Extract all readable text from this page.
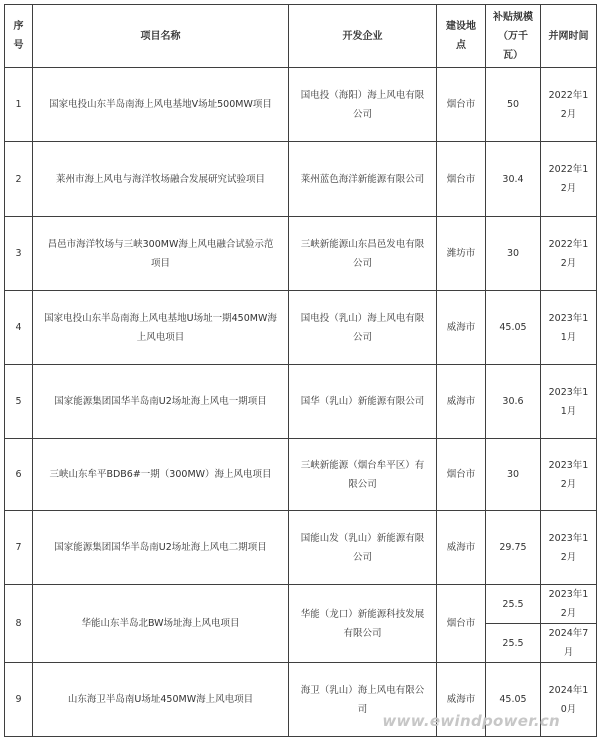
序号	项目名称	开发企业	建设地点	补贴规模（万千瓦）	并网时间
1	国家电投山东半岛南海上风电基地V场址500MW项目	国电投（海阳）海上风电有限公司	烟台市	50	2022年12月
2	莱州市海上风电与海洋牧场融合发展研究试验项目	莱州蓝色海洋新能源有限公司	烟台市	30.4	2022年12月
3	昌邑市海洋牧场与三峡300MW海上风电融合试验示范项目	三峡新能源山东昌邑发电有限公司	潍坊市	30	2022年12月
4	国家电投山东半岛南海上风电基地U场址一期450MW海上风电项目	国电投（乳山）海上风电有限公司	威海市	45.05	2023年11月
5	国家能源集团国华半岛南U2场址海上风电一期项目	国华（乳山）新能源有限公司	威海市	30.6	2023年11月
6	三峡山东牟平BDB6#一期（300MW）海上风电项目	三峡新能源（烟台牟平区）有限公司	烟台市	30	2023年12月
7	国家能源集团国华半岛南U2场址海上风电二期项目	国能山发（乳山）新能源有限公司	威海市	29.75	2023年12月
8	华能山东半岛北BW场址海上风电项目	华能（龙口）新能源科技发展有限公司	烟台市	25.5	2023年12月
				25.5	2024年7月
9	山东海卫半岛南U场址450MW海上风电项目	海卫（乳山）海上风电有限公司	威海市	45.05	2024年10月
www.ewindpower.cn
